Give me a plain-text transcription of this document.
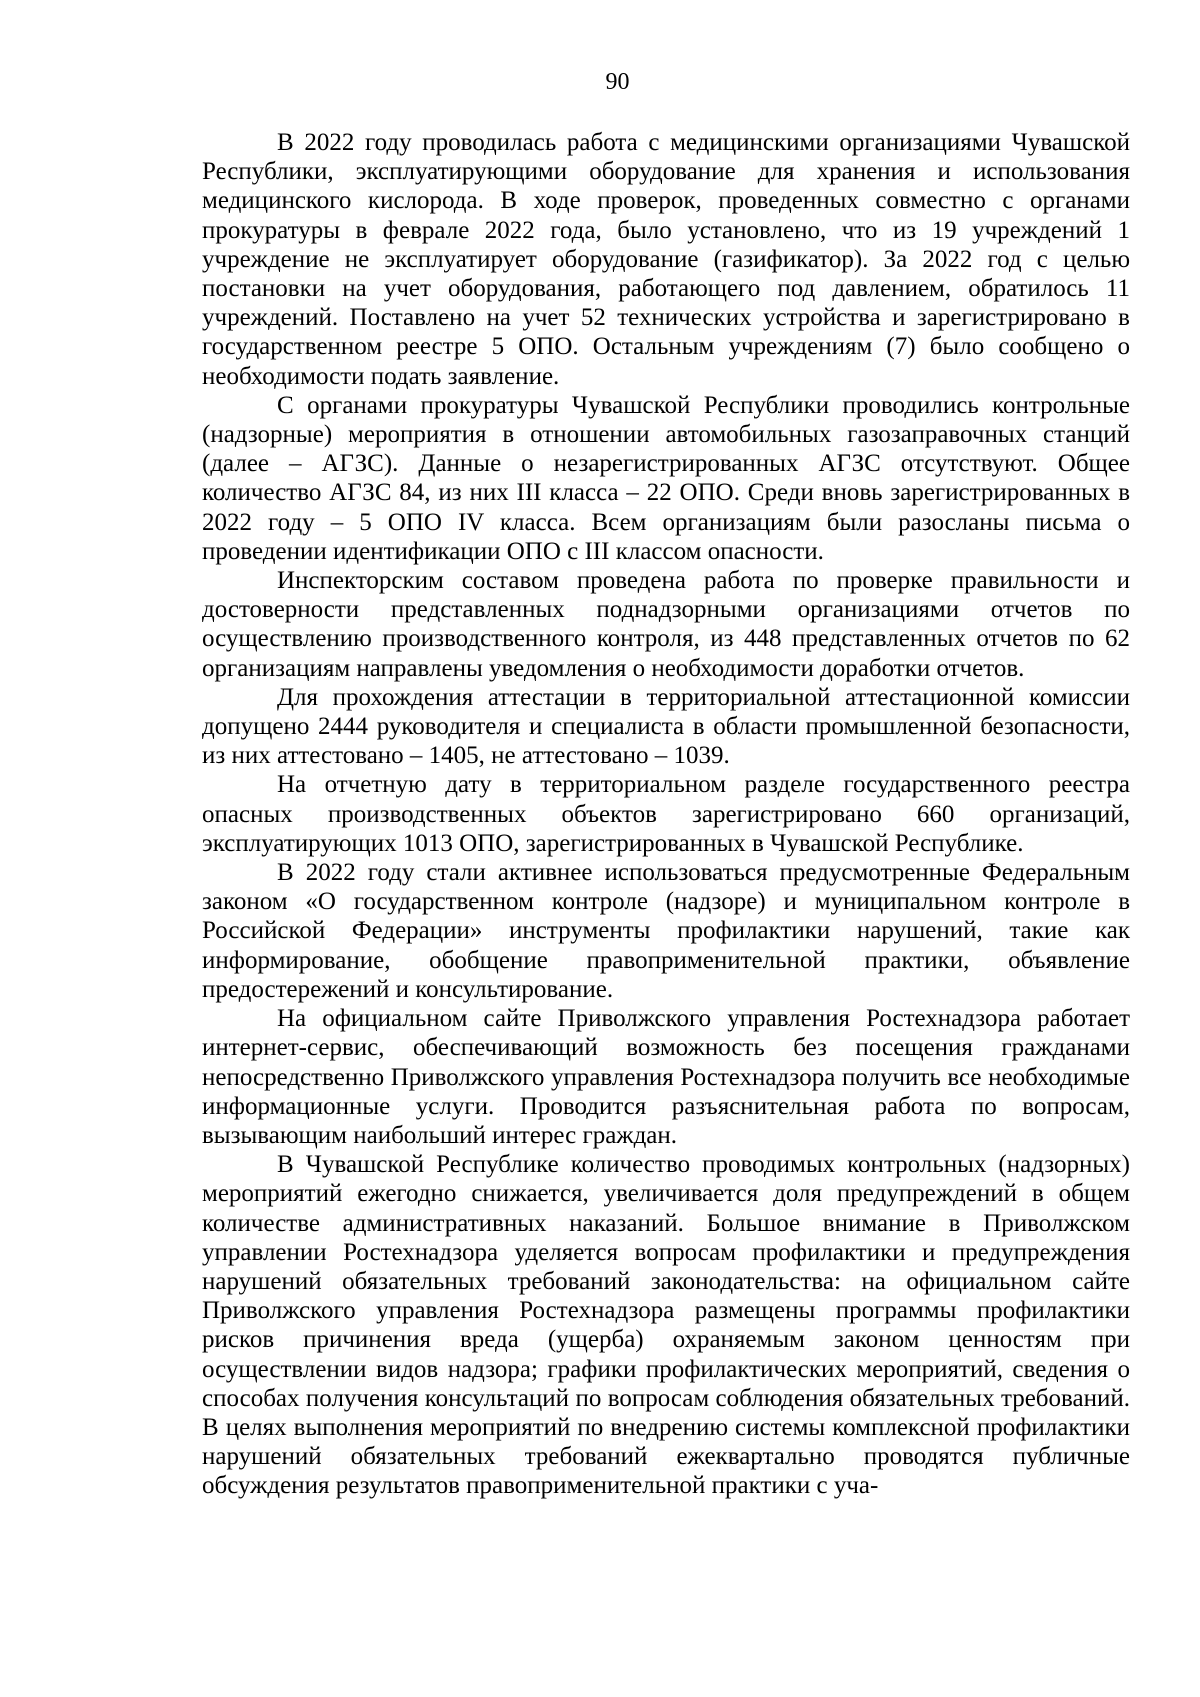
90

В 2022 году проводилась работа с медицинскими организациями Чувашской Республики, эксплуатирующими оборудование для хранения и использования медицинского кислорода. В ходе проверок, проведенных совместно с органами прокуратуры в феврале 2022 года, было установлено, что из 19 учреждений 1 учреждение не эксплуатирует оборудование (газификатор). За 2022 год с целью постановки на учет оборудования, работающего под давлением, обратилось 11 учреждений. Поставлено на учет 52 технических устройства и зарегистрировано в государственном реестре 5 ОПО. Остальным учреждениям (7) было сообщено о необходимости подать заявление.

С органами прокуратуры Чувашской Республики проводились контрольные (надзорные) мероприятия в отношении автомобильных газозаправочных станций (далее – АГЗС). Данные о незарегистрированных АГЗС отсутствуют. Общее количество АГЗС 84, из них III класса – 22 ОПО. Среди вновь зарегистрированных в 2022 году – 5 ОПО IV класса. Всем организациям были разосланы письма о проведении идентификации ОПО с III классом опасности.

Инспекторским составом проведена работа по проверке правильности и достоверности представленных поднадзорными организациями отчетов по осуществлению производственного контроля, из 448 представленных отчетов по 62 организациям направлены уведомления о необходимости доработки отчетов.

Для прохождения аттестации в территориальной аттестационной комиссии допущено 2444 руководителя и специалиста в области промышленной безопасности, из них аттестовано – 1405, не аттестовано – 1039.

На отчетную дату в территориальном разделе государственного реестра опасных производственных объектов зарегистрировано 660 организаций, эксплуатирующих 1013 ОПО, зарегистрированных в Чувашской Республике.

В 2022 году стали активнее использоваться предусмотренные Федеральным законом «О государственном контроле (надзоре) и муниципальном контроле в Российской Федерации» инструменты профилактики нарушений, такие как информирование, обобщение правоприменительной практики, объявление предостережений и консультирование.

На официальном сайте Приволжского управления Ростехнадзора работает интернет-сервис, обеспечивающий возможность без посещения гражданами непосредственно Приволжского управления Ростехнадзора получить все необходимые информационные услуги. Проводится разъяснительная работа по вопросам, вызывающим наибольший интерес граждан.

В Чувашской Республике количество проводимых контрольных (надзорных) мероприятий ежегодно снижается, увеличивается доля предупреждений в общем количестве административных наказаний. Большое внимание в Приволжском управлении Ростехнадзора уделяется вопросам профилактики и предупреждения нарушений обязательных требований законодательства: на официальном сайте Приволжского управления Ростехнадзора размещены программы профилактики рисков причинения вреда (ущерба) охраняемым законом ценностям при осуществлении видов надзора; графики профилактических мероприятий, сведения о способах получения консультаций по вопросам соблюдения обязательных требований. В целях выполнения мероприятий по внедрению системы комплексной профилактики нарушений обязательных требований ежеквартально проводятся публичные обсуждения результатов правоприменительной практики с уча-
